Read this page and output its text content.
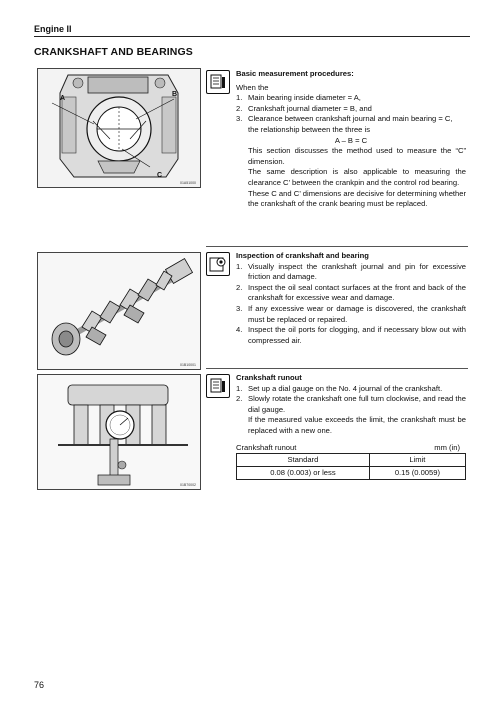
Engine II
CRANKSHAFT AND BEARINGS
A
B
C
01A51000
01B10001
01B70002
Basic measurement procedures:
When the
1. Main bearing inside diameter = A,
2. Crankshaft journal diameter = B, and
3. Clearance between crankshaft journal and main bearing = C,
the relationship between the three is
A – B = C
This section discusses the method used to measure the “C” dimension.
The same description is also applicable to measuring the clearance C’ between the crankpin and the control rod bearing.
These C and C’ dimensions are decisive for determining whether the crankshaft of the crank bearing must be replaced.
Inspection of crankshaft and bearing
1. Visually inspect the crankshaft journal and pin for excessive friction and damage.
2. Inspect the oil seal contact surfaces at the front and back of the crankshaft for excessive wear and damage.
3. If any excessive wear or damage is discovered, the crankshaft must be replaced or repaired.
4. Inspect the oil ports for clogging, and if necessary blow out with compressed air.
Crankshaft runout
1. Set up a dial gauge on the No. 4 journal of the crankshaft.
2. Slowly rotate the crankshaft one full turn clockwise, and read the dial gauge.
If the measured value exceeds the limit, the crankshaft must be replaced with a new one.
Crankshaft runout	mm (in)
Standard	Limit
0.08 (0.003) or less	0.15 (0.0059)
76
